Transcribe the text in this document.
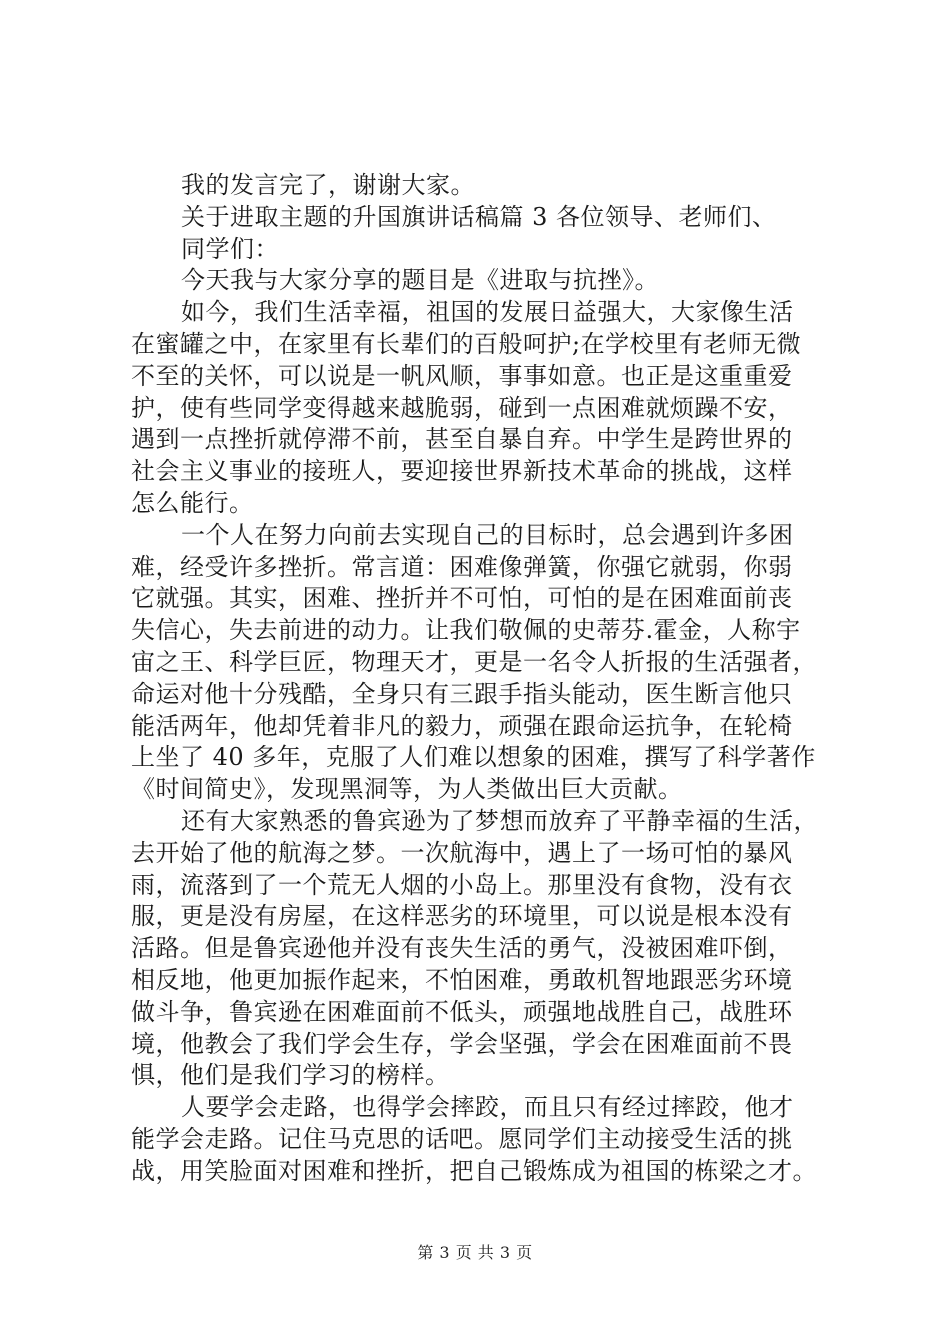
我的发言完了，谢谢大家。
关于进取主题的升国旗讲话稿篇 3 各位领导、老师们、
同学们：
今天我与大家分享的题目是《进取与抗挫》。
如今，我们生活幸福，祖国的发展日益强大，大家像生活
在蜜罐之中，在家里有长辈们的百般呵护;在学校里有老师无微
不至的关怀，可以说是一帆风顺，事事如意。也正是这重重爱
护，使有些同学变得越来越脆弱，碰到一点困难就烦躁不安，
遇到一点挫折就停滞不前，甚至自暴自弃。中学生是跨世界的
社会主义事业的接班人，要迎接世界新技术革命的挑战，这样
怎么能行。
一个人在努力向前去实现自己的目标时，总会遇到许多困
难，经受许多挫折。常言道：困难像弹簧，你强它就弱，你弱
它就强。其实，困难、挫折并不可怕，可怕的是在困难面前丧
失信心，失去前进的动力。让我们敬佩的史蒂芬.霍金，人称宇
宙之王、科学巨匠，物理天才，更是一名令人折报的生活强者，
命运对他十分残酷，全身只有三跟手指头能动，医生断言他只
能活两年，他却凭着非凡的毅力，顽强在跟命运抗争，在轮椅
上坐了 40 多年，克服了人们难以想象的困难，撰写了科学著作
《时间简史》，发现黑洞等，为人类做出巨大贡献。
还有大家熟悉的鲁宾逊为了梦想而放弃了平静幸福的生活，
去开始了他的航海之梦。一次航海中，遇上了一场可怕的暴风
雨，流落到了一个荒无人烟的小岛上。那里没有食物，没有衣
服，更是没有房屋，在这样恶劣的环境里，可以说是根本没有
活路。但是鲁宾逊他并没有丧失生活的勇气，没被困难吓倒，
相反地，他更加振作起来，不怕困难，勇敢机智地跟恶劣环境
做斗争，鲁宾逊在困难面前不低头，顽强地战胜自己，战胜环
境，他教会了我们学会生存，学会坚强，学会在困难面前不畏
惧，他们是我们学习的榜样。
人要学会走路，也得学会摔跤，而且只有经过摔跤，他才
能学会走路。记住马克思的话吧。愿同学们主动接受生活的挑
战，用笑脸面对困难和挫折，把自己锻炼成为祖国的栋梁之才。
第 3 页 共 3 页
